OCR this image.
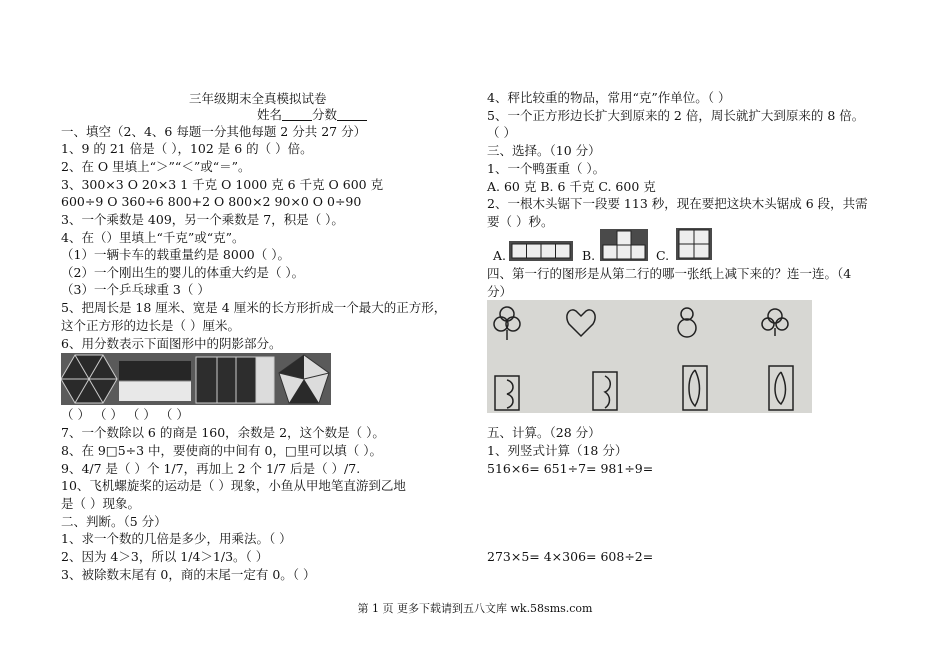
三年级期末全真模拟试卷
姓名 分数
一、填空（2、4、6 每题一分其他每题 2 分共 27 分）
1、9 的 21 倍是（ ），102 是 6 的（ ）倍。
2、在 O 里填上“＞”“＜”或“＝”。
3、300×3 O 20×3 1 千克 O 1000 克 6 千克 O 600 克
600÷9 O 360÷6 800+2 O 800×2 90×0 O 0÷90
3、一个乘数是 409，另一个乘数是 7，积是（ ）。
4、在（）里填上“千克”或“克”。
（1）一辆卡车的载重量约是 8000（ ）。
（2）一个刚出生的婴儿的体重大约是（ ）。
（3）一个乒乓球重 3（ ）
5、把周长是 18 厘米、宽是 4 厘米的长方形折成一个最大的正方形，
这个正方形的边长是（ ）厘米。
6、用分数表示下面图形中的阴影部分。
（ ） （ ） （ ） （ ）
7、一个数除以 6 的商是 160，余数是 2，这个数是（ ）。
8、在 9□5÷3 中，要使商的中间有 0，□里可以填（ ）。
9、4/7 是（ ）个 1/7，再加上 2 个 1/7 后是（ ）/7.
10、飞机螺旋桨的运动是（ ）现象，小鱼从甲地笔直游到乙地
是（ ）现象。
二、判断。（5 分）
1、求一个数的几倍是多少，用乘法。（ ）
2、因为 4＞3，所以 1/4＞1/3。（ ）
3、被除数末尾有 0，商的末尾一定有 0。（ ）
4、秤比较重的物品，常用“克”作单位。（ ）
5、一个正方形边长扩大到原来的 2 倍，周长就扩大到原来的 8 倍。
（ ）
三、选择。（10 分）
1、一个鸭蛋重（ ）。
A. 60 克 B. 6 千克 C. 600 克
2、一根木头锯下一段要 113 秒，现在要把这块木头锯成 6 段，共需
要（ ）秒。
A.	B.	C.
四、第一行的图形是从第二行的哪一张纸上减下来的？连一连。（4
分）
五、计算。（28 分）
1、列竖式计算（18 分）
516×6= 651÷7= 981÷9=
273×5= 4×306= 608÷2=
第 1 页 更多下载请到五八文库 wk.58sms.com
